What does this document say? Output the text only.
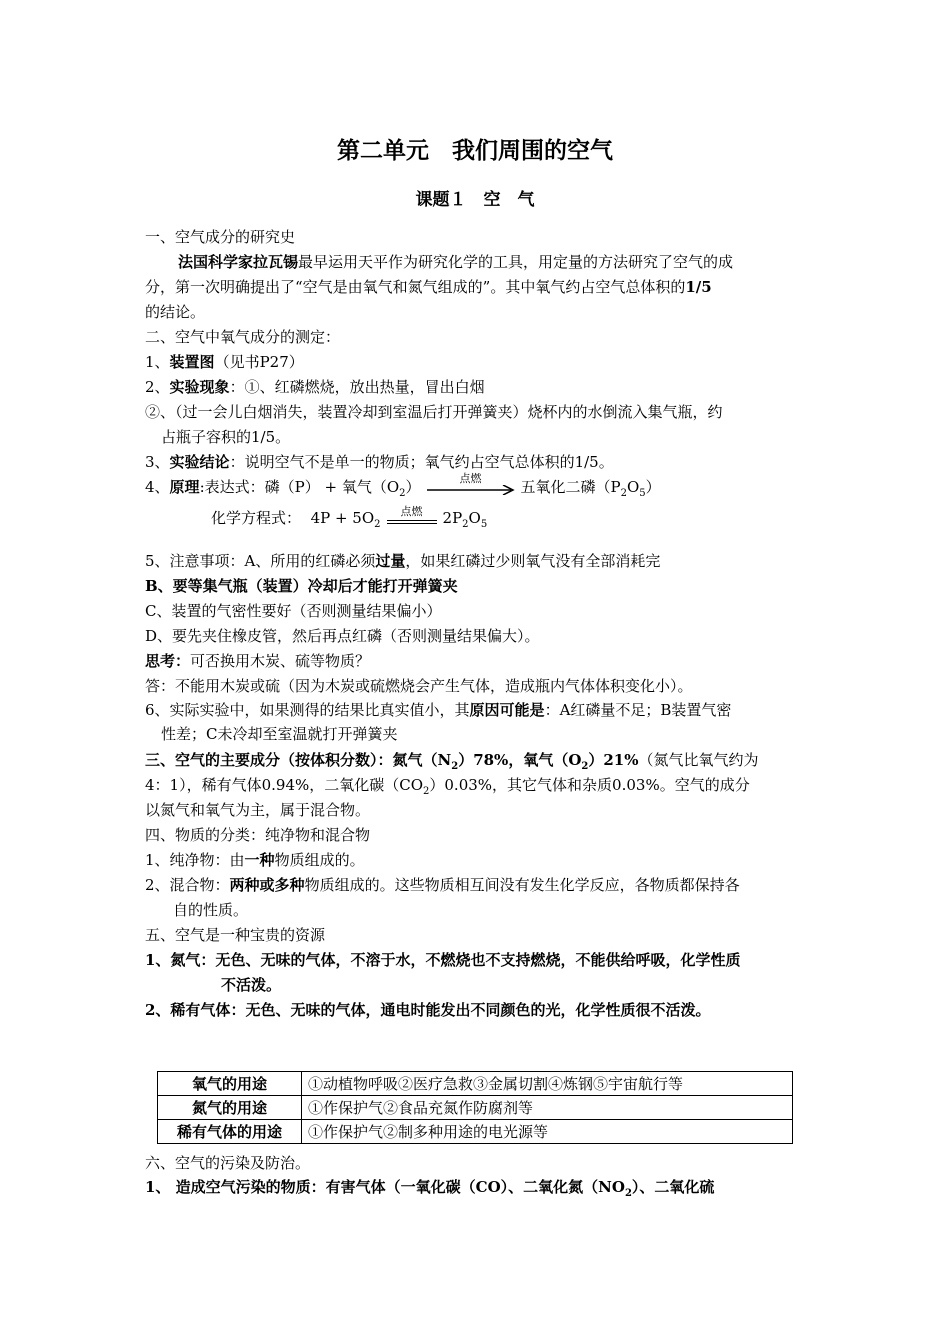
第二单元　我们周围的空气
课题１　空　气
一、空气成分的研究史
法国科学家拉瓦锡最早运用天平作为研究化学的工具，用定量的方法研究了空气的成
分，第一次明确提出了“空气是由氧气和氮气组成的”。其中氧气约占空气总体积的1/5
的结论。
二、空气中氧气成分的测定：
1、装置图（见书P27）
2、实验现象：①、红磷燃烧，放出热量，冒出白烟
②、（过一会儿白烟消失，装置冷却到室温后打开弹簧夹）烧杯内的水倒流入集气瓶，约
占瓶子容积的1/5。
3、实验结论：说明空气不是单一的物质；氧气约占空气总体积的1/5。
4、原理:表达式：磷（P） + 氧气$(O_2)$	点燃	五氧化二磷$(P_2O_5)$
化学方程式： $4P + 5O_2$
点燃	$2P_2O_5$
5、注意事项：A、所用的红磷必须过量，如果红磷过少则氧气没有全部消耗完
B、要等集气瓶（装置）冷却后才能打开弹簧夹
C、装置的气密性要好（否则测量结果偏小）
D、要先夹住橡皮管，然后再点红磷（否则测量结果偏大）。
思考：可否换用木炭、硫等物质？
答：不能用木炭或硫（因为木炭或硫燃烧会产生气体，造成瓶内气体体积变化小）。
6、实际实验中，如果测得的结果比真实值小，其原因可能是：A红磷量不足；B装置气密
性差；C未冷却至室温就打开弹簧夹
三、空气的主要成分（按体积分数）：氮气$(N_2)78\%$，氧气$(O_2)21\%$（氮气比氧气约为
4：1），稀有气体0.94%，二氧化碳$(CO_2)0.03\%$，其它气体和杂质0.03%。空气的成分
以氮气和氧气为主，属于混合物。
四、物质的分类：纯净物和混合物
1、纯净物：由一种物质组成的。
2、混合物：两种或多种物质组成的。这些物质相互间没有发生化学反应，各物质都保持各
自的性质。
五、空气是一种宝贵的资源
1、氮气：无色、无味的气体，不溶于水，不燃烧也不支持燃烧，不能供给呼吸，化学性质
不活泼。
2、稀有气体：无色、无味的气体，通电时能发出不同颜色的光，化学性质很不活泼。
氧气的用途	①动植物呼吸②医疗急救③金属切割④炼钢⑤宇宙航行等
氮气的用途	①作保护气②食品充氮作防腐剂等
稀有气体的用途	①作保护气②制多种用途的电光源等
六、空气的污染及防治。
1、 造成空气污染的物质：有害气体（一氧化碳（CO）、二氧化氮$(NO_2)$、二氧化硫
